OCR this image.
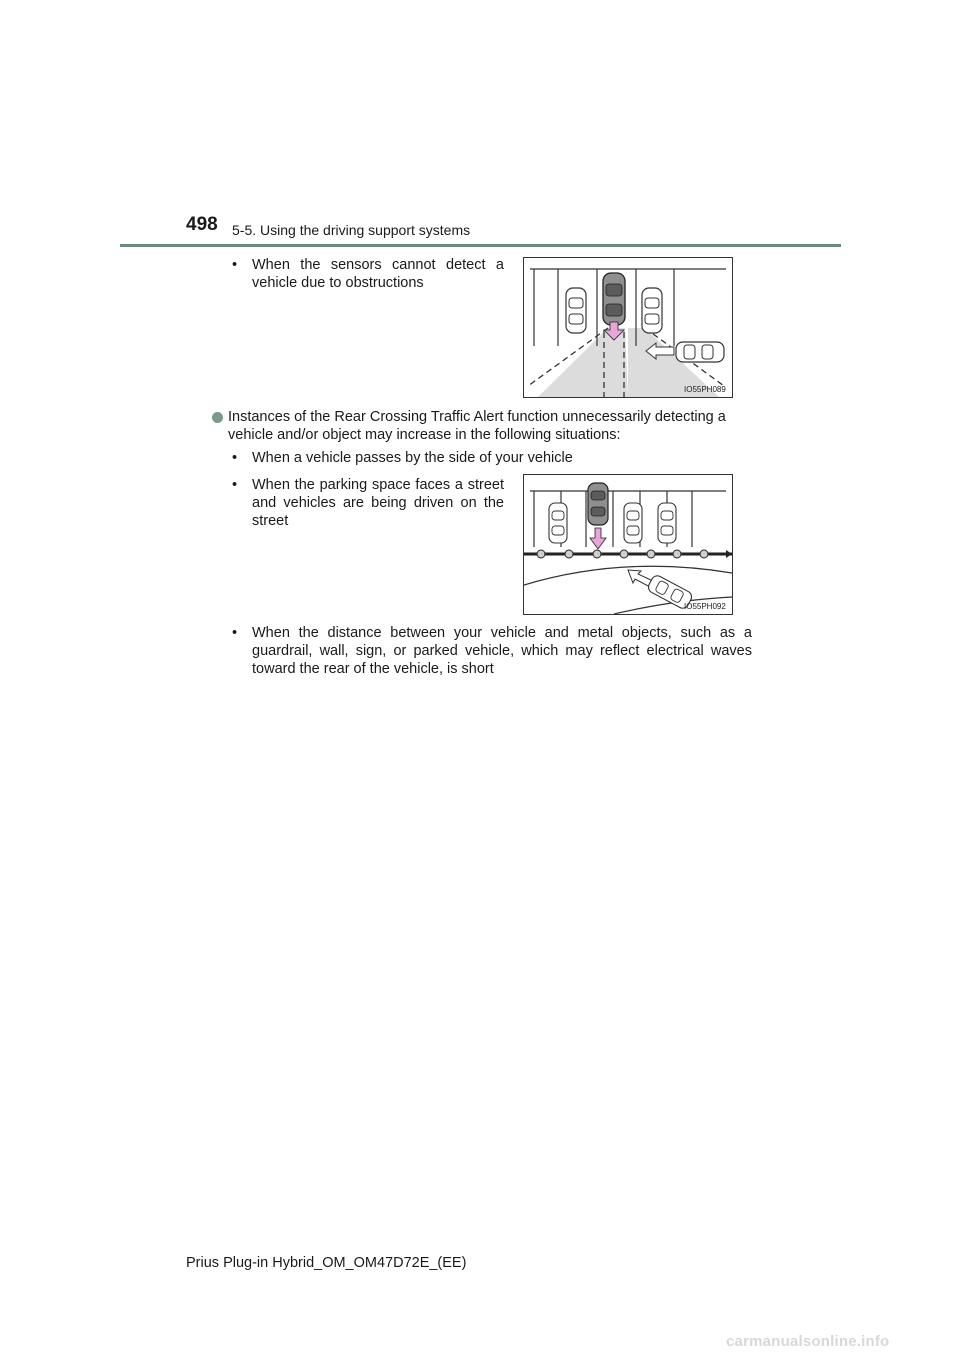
498 5-5. Using the driving support systems
•	When the sensors cannot detect a vehicle due to obstructions
IO55PH089
Instances of the Rear Crossing Traffic Alert function unnecessarily detecting a vehicle and/or object may increase in the following situations:
•	When a vehicle passes by the side of your vehicle
•	When the parking space faces a street and vehicles are being driven on the street
IO55PH092
•	When the distance between your vehicle and metal objects, such as a guardrail, wall, sign, or parked vehicle, which may reflect electrical waves toward the rear of the vehicle, is short
Prius Plug-in Hybrid_OM_OM47D72E_(EE)
carmanualsonline.info
